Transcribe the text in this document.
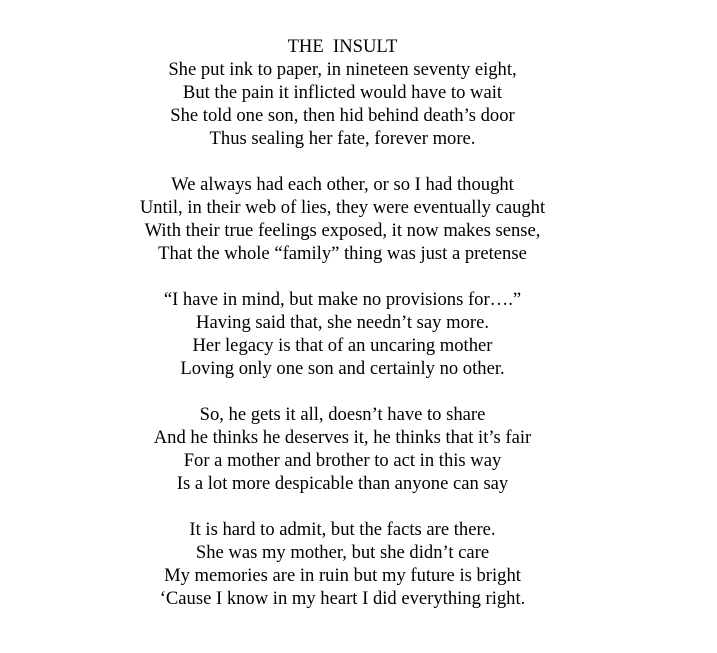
THE  INSULT
She put ink to paper, in nineteen seventy eight,
But the pain it inflicted would have to wait
She told one son, then hid behind death’s door
Thus sealing her fate, forever more.
We always had each other, or so I had thought
Until, in their web of lies, they were eventually caught
With their true feelings exposed, it now makes sense,
That the whole “family” thing was just a pretense
“I have in mind, but make no provisions for….”
Having said that, she needn’t say more.
Her legacy is that of an uncaring mother
Loving only one son and certainly no other.
So, he gets it all, doesn’t have to share
And he thinks he deserves it, he thinks that it’s fair
For a mother and brother to act in this way
Is a lot more despicable than anyone can say
It is hard to admit, but the facts are there.
She was my mother, but she didn’t care
My memories are in ruin but my future is bright
‘Cause I know in my heart I did everything right.
